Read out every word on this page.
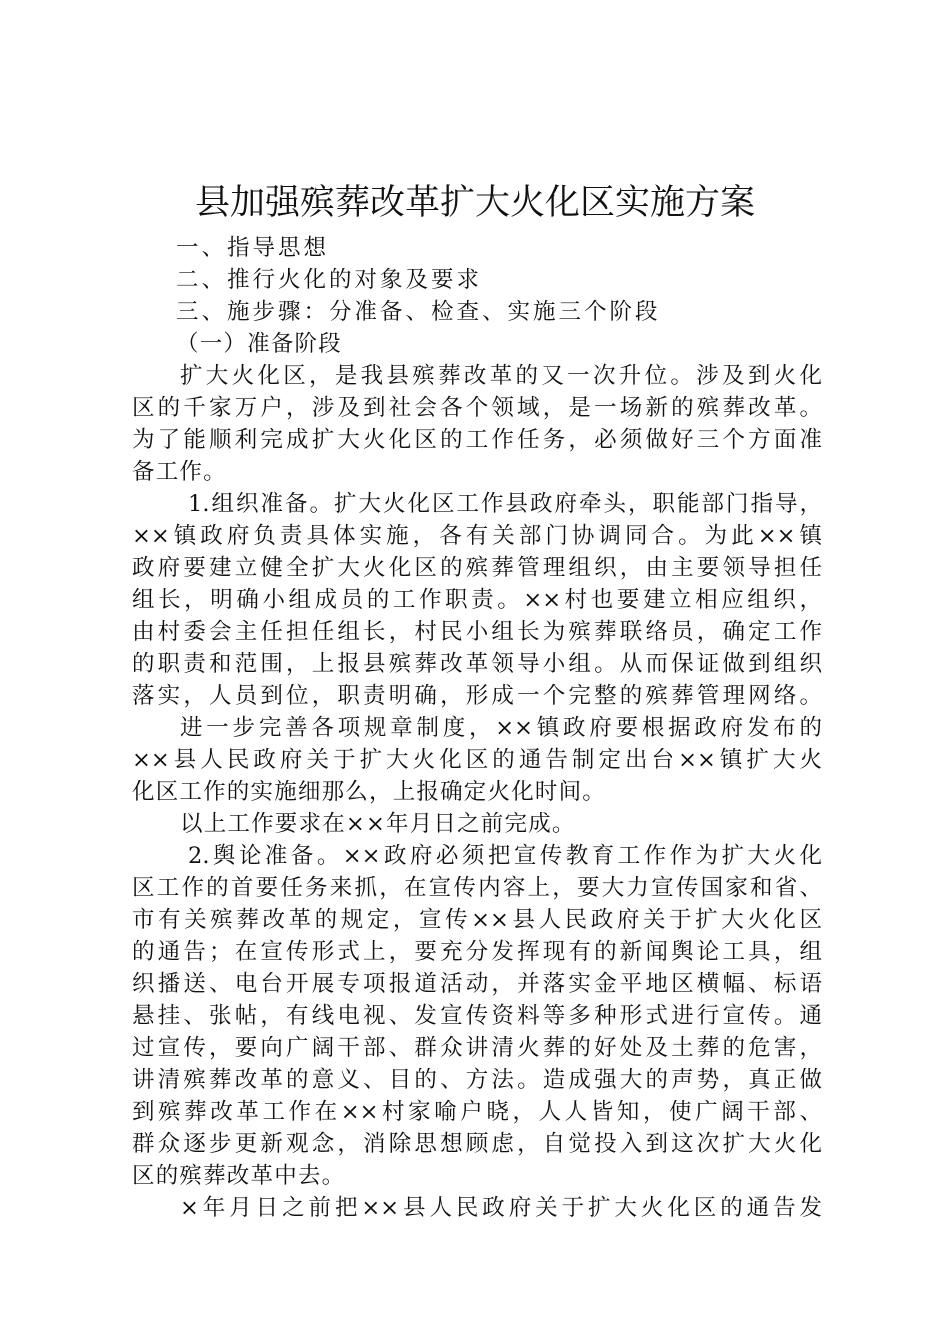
县加强殡葬改革扩大火化区实施方案
一、指导思想
二、推行火化的对象及要求
三、施步骤：分准备、检查、实施三个阶段
（一）准备阶段
扩大火化区，是我县殡葬改革的又一次升位。涉及到火化
区的千家万户，涉及到社会各个领域，是一场新的殡葬改革。
为了能顺利完成扩大火化区的工作任务，必须做好三个方面准
备工作。
1.组织准备。扩大火化区工作县政府牵头，职能部门指导，
××镇政府负责具体实施，各有关部门协调同合。为此××镇
政府要建立健全扩大火化区的殡葬管理组织，由主要领导担任
组长，明确小组成员的工作职责。××村也要建立相应组织，
由村委会主任担任组长，村民小组长为殡葬联络员，确定工作
的职责和范围，上报县殡葬改革领导小组。从而保证做到组织
落实，人员到位，职责明确，形成一个完整的殡葬管理网络。
进一步完善各项规章制度，××镇政府要根据政府发布的
××县人民政府关于扩大火化区的通告制定出台××镇扩大火
化区工作的实施细那么，上报确定火化时间。
以上工作要求在××年月日之前完成。
2.舆论准备。××政府必须把宣传教育工作作为扩大火化
区工作的首要任务来抓，在宣传内容上，要大力宣传国家和省、
市有关殡葬改革的规定，宣传××县人民政府关于扩大火化区
的通告；在宣传形式上，要充分发挥现有的新闻舆论工具，组
织播送、电台开展专项报道活动，并落实金平地区横幅、标语
悬挂、张帖，有线电视、发宣传资料等多种形式进行宣传。通
过宣传，要向广阔干部、群众讲清火葬的好处及土葬的危害，
讲清殡葬改革的意义、目的、方法。造成强大的声势，真正做
到殡葬改革工作在××村家喻户晓，人人皆知，使广阔干部、
群众逐步更新观念，消除思想顾虑，自觉投入到这次扩大火化
区的殡葬改革中去。
×年月日之前把××县人民政府关于扩大火化区的通告发
